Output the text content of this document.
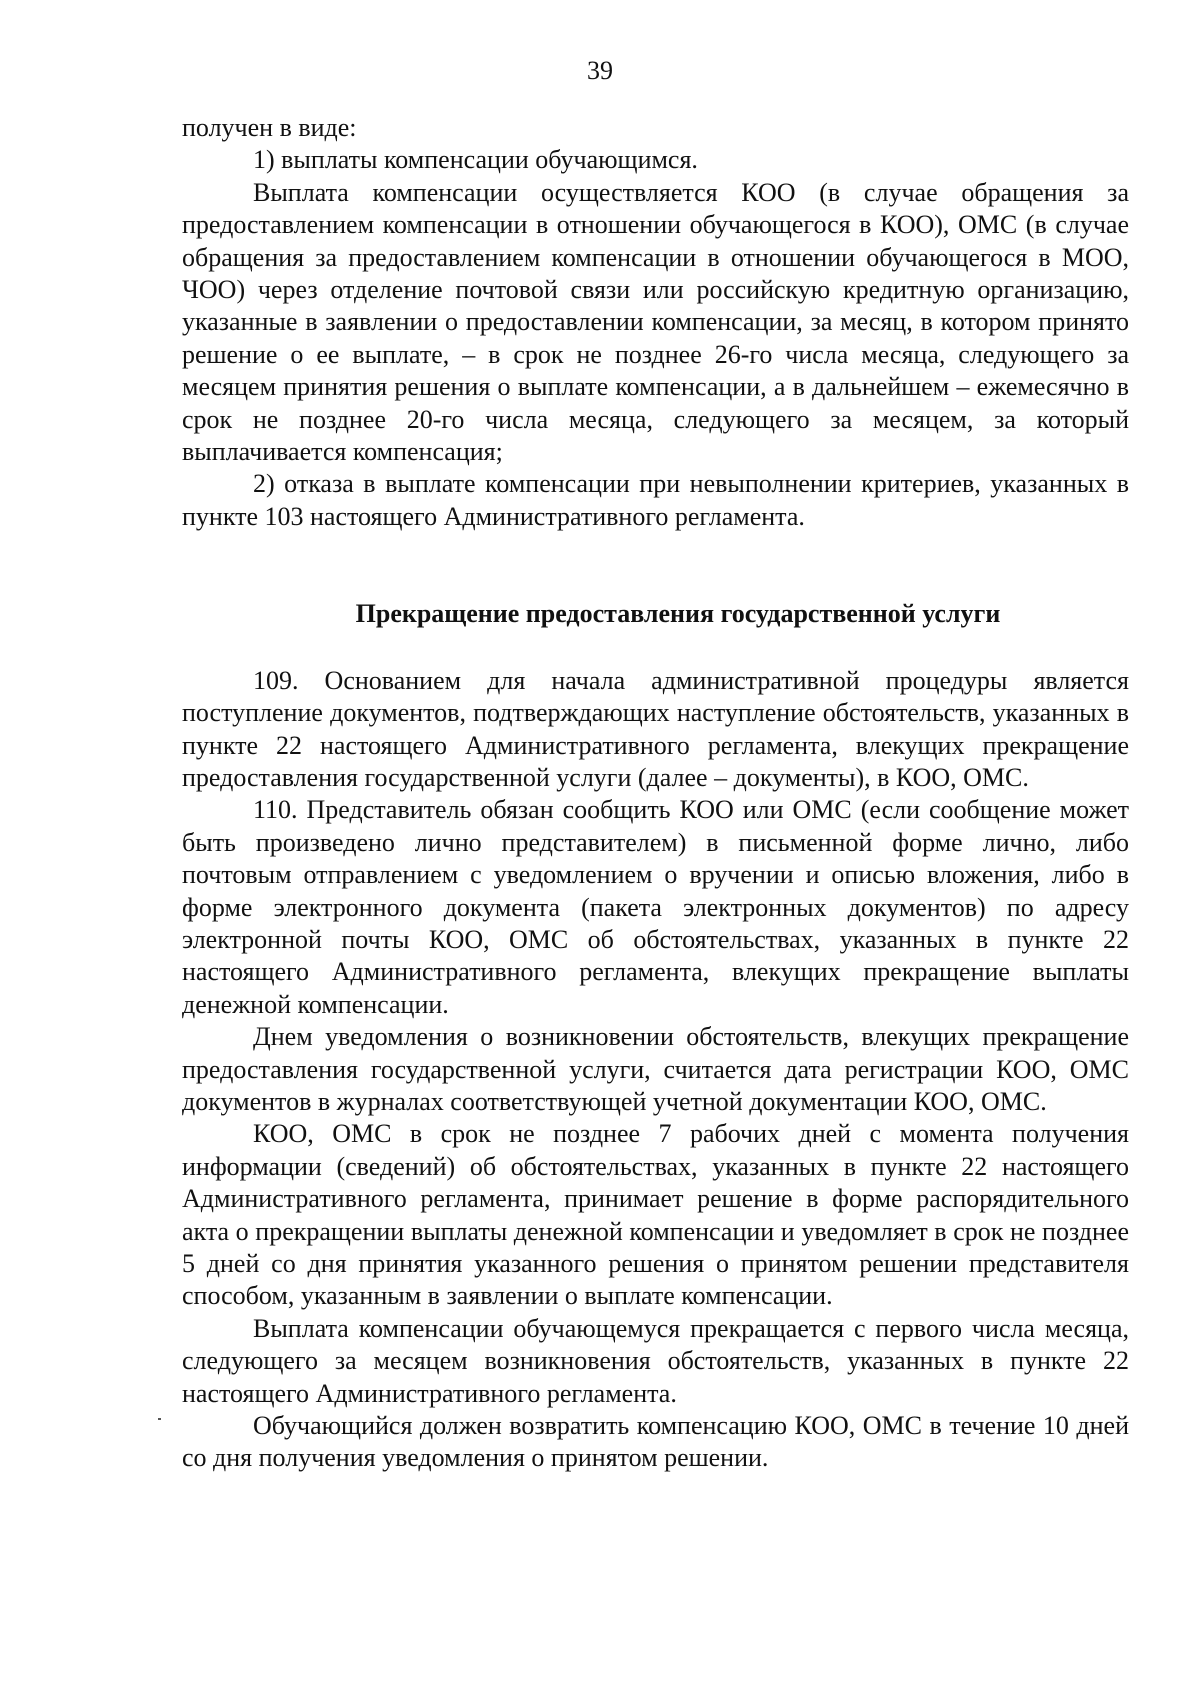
39

получен в виде:

1) выплаты компенсации обучающимся.

Выплата компенсации осуществляется КОО (в случае обращения за предоставлением компенсации в отношении обучающегося в КОО), ОМС (в случае обращения за предоставлением компенсации в отношении обучающегося в МОО, ЧОО) через отделение почтовой связи или российскую кредитную организацию, указанные в заявлении о предоставлении компенсации, за месяц, в котором принято решение о ее выплате, – в срок не позднее 26-го числа месяца, следующего за месяцем принятия решения о выплате компенсации, а в дальнейшем – ежемесячно в срок не позднее 20-го числа месяца, следующего за месяцем, за который выплачивается компенсация;

2) отказа в выплате компенсации при невыполнении критериев, указанных в пункте 103 настоящего Административного регламента.

Прекращение предоставления государственной услуги

109. Основанием для начала административной процедуры является поступление документов, подтверждающих наступление обстоятельств, указанных в пункте 22 настоящего Административного регламента, влекущих прекращение предоставления государственной услуги (далее – документы), в КОО, ОМС.

110. Представитель обязан сообщить КОО или ОМС (если сообщение может быть произведено лично представителем) в письменной форме лично, либо почтовым отправлением с уведомлением о вручении и описью вложения, либо в форме электронного документа (пакета электронных документов) по адресу электронной почты КОО, ОМС об обстоятельствах, указанных в пункте 22 настоящего Административного регламента, влекущих прекращение выплаты денежной компенсации.

Днем уведомления о возникновении обстоятельств, влекущих прекращение предоставления государственной услуги, считается дата регистрации КОО, ОМС документов в журналах соответствующей учетной документации КОО, ОМС.

КОО, ОМС в срок не позднее 7 рабочих дней с момента получения информации (сведений) об обстоятельствах, указанных в пункте 22 настоящего Административного регламента, принимает решение в форме распорядительного акта о прекращении выплаты денежной компенсации и уведомляет в срок не позднее 5 дней со дня принятия указанного решения о принятом решении представителя способом, указанным в заявлении о выплате компенсации.

Выплата компенсации обучающемуся прекращается с первого числа месяца, следующего за месяцем возникновения обстоятельств, указанных в пункте 22 настоящего Административного регламента.

Обучающийся должен возвратить компенсацию КОО, ОМС в течение 10 дней со дня получения уведомления о принятом решении.
